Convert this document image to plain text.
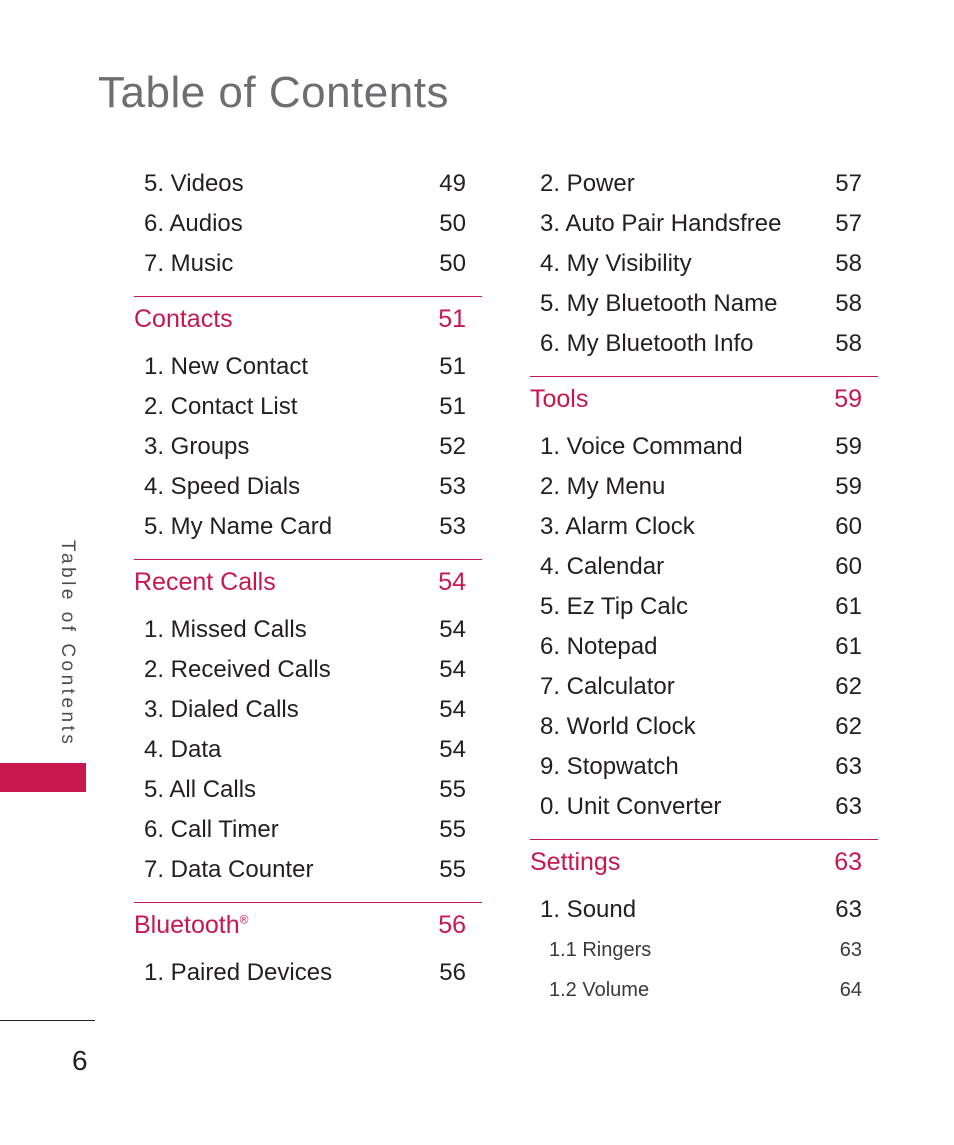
Table of Contents
5. Videos	49
6. Audios	50
7. Music	50
Contacts	51
1. New Contact	51
2. Contact List	51
3. Groups	52
4. Speed Dials	53
5. My Name Card	53
Recent Calls	54
1. Missed Calls	54
2. Received Calls	54
3. Dialed Calls	54
4. Data	54
5. All Calls	55
6. Call Timer	55
7. Data Counter	55
Bluetooth®	56
1. Paired Devices	56
2. Power	57
3. Auto Pair Handsfree 57
4. My Visibility	58
5. My Bluetooth Name 58
6. My Bluetooth Info	58
Tools	59
1. Voice Command	59
2. My Menu	59
3. Alarm Clock	60
4. Calendar	60
5. Ez Tip Calc	61
6. Notepad	61
7. Calculator	62
8. World Clock	62
9. Stopwatch	63
0. Unit Converter	63
Settings	63
1. Sound	63
1.1 Ringers	63
1.2 Volume	64
Table of Contents
6
